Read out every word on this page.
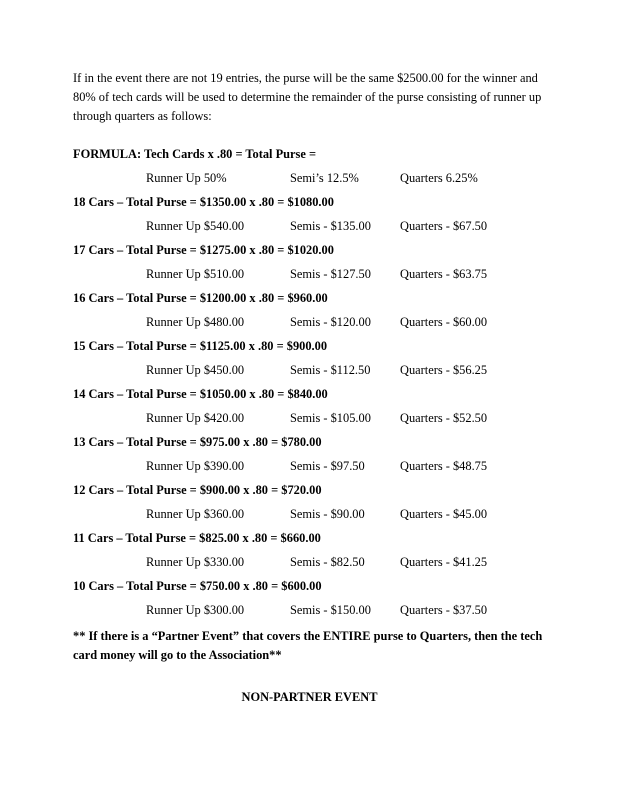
If in the event there are not 19 entries, the purse will be the same $2500.00 for the winner and 80% of tech cards will be used to determine the remainder of the purse consisting of runner up through quarters as follows:
FORMULA: Tech Cards x .80 = Total Purse =
Runner Up 50%	Semi’s 12.5%	Quarters 6.25%
18 Cars – Total Purse = $1350.00 x .80 = $1080.00
Runner Up $540.00	Semis - $135.00 Quarters - $67.50
17 Cars – Total Purse = $1275.00 x .80 = $1020.00
Runner Up $510.00	Semis - $127.50 Quarters - $63.75
16 Cars – Total Purse = $1200.00 x .80 = $960.00
Runner Up $480.00	Semis - $120.00 Quarters - $60.00
15 Cars – Total Purse = $1125.00 x .80 = $900.00
Runner Up $450.00	Semis - $112.50 Quarters - $56.25
14 Cars – Total Purse = $1050.00 x .80 = $840.00
Runner Up $420.00	Semis - $105.00 Quarters - $52.50
13 Cars – Total Purse = $975.00 x .80 = $780.00
Runner Up $390.00	Semis - $97.50	Quarters - $48.75
12 Cars – Total Purse = $900.00 x .80 = $720.00
Runner Up $360.00	Semis - $90.00	Quarters - $45.00
11 Cars – Total Purse = $825.00 x .80 = $660.00
Runner Up $330.00	Semis - $82.50	Quarters - $41.25
10 Cars – Total Purse = $750.00 x .80 = $600.00
Runner Up $300.00	Semis - $150.00 Quarters - $37.50
** If there is a “Partner Event” that covers the ENTIRE purse to Quarters, then the tech card money will go to the Association**
NON-PARTNER EVENT
